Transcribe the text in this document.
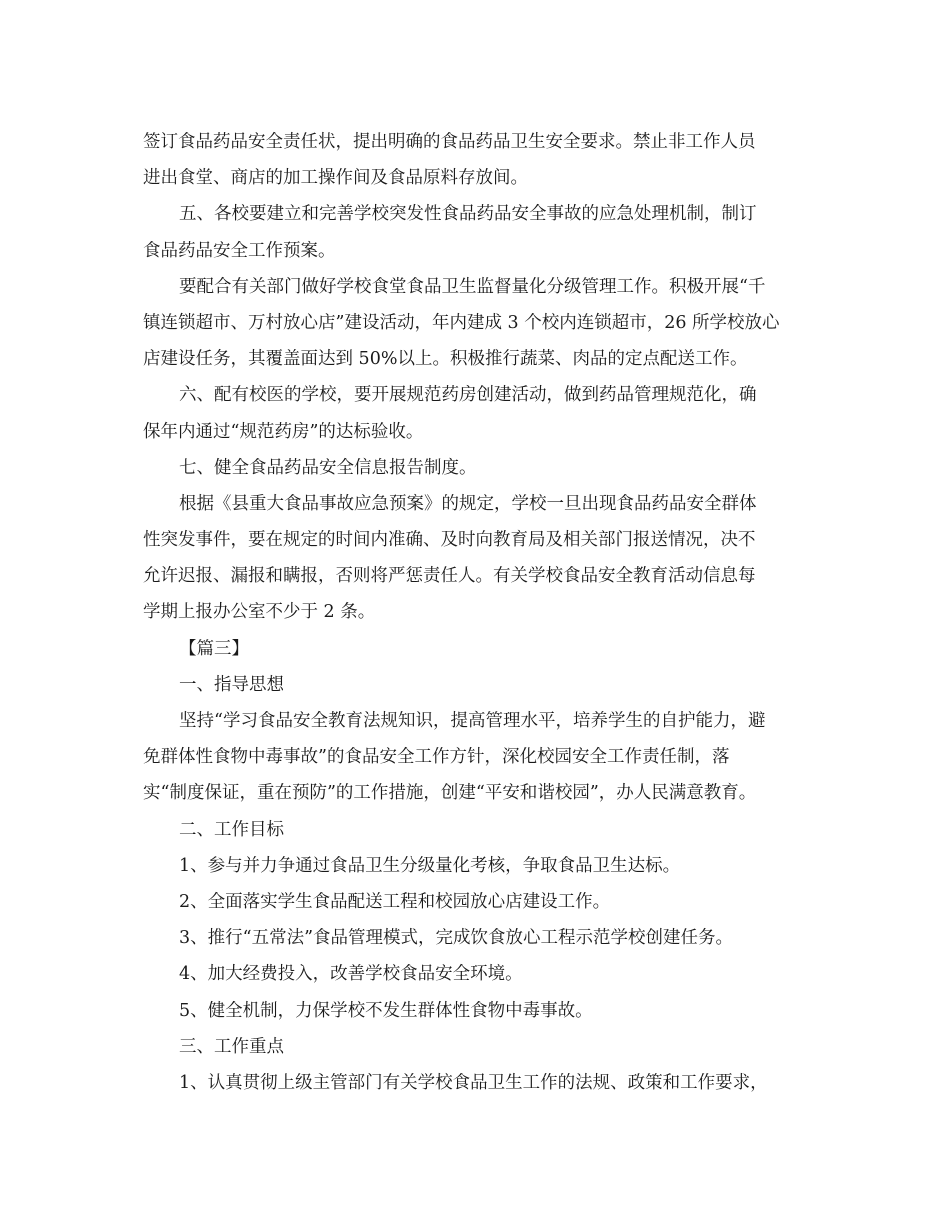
签订食品药品安全责任状，提出明确的食品药品卫生安全要求。禁止非工作人员
进出食堂、商店的加工操作间及食品原料存放间。
五、各校要建立和完善学校突发性食品药品安全事故的应急处理机制，制订
食品药品安全工作预案。
要配合有关部门做好学校食堂食品卫生监督量化分级管理工作。积极开展“千
镇连锁超市、万村放心店”建设活动，年内建成 3 个校内连锁超市，26 所学校放心
店建设任务，其覆盖面达到 50%以上。积极推行蔬菜、肉品的定点配送工作。
六、配有校医的学校，要开展规范药房创建活动，做到药品管理规范化，确
保年内通过“规范药房”的达标验收。
七、健全食品药品安全信息报告制度。
根据《县重大食品事故应急预案》的规定，学校一旦出现食品药品安全群体
性突发事件，要在规定的时间内准确、及时向教育局及相关部门报送情况，决不
允许迟报、漏报和瞒报，否则将严惩责任人。有关学校食品安全教育活动信息每
学期上报办公室不少于 2 条。
【篇三】
一、指导思想
坚持“学习食品安全教育法规知识，提高管理水平，培养学生的自护能力，避
免群体性食物中毒事故”的食品安全工作方针，深化校园安全工作责任制，落
实“制度保证，重在预防”的工作措施，创建“平安和谐校园”，办人民满意教育。
二、工作目标
1、参与并力争通过食品卫生分级量化考核，争取食品卫生达标。
2、全面落实学生食品配送工程和校园放心店建设工作。
3、推行“五常法”食品管理模式，完成饮食放心工程示范学校创建任务。
4、加大经费投入，改善学校食品安全环境。
5、健全机制，力保学校不发生群体性食物中毒事故。
三、工作重点
1、认真贯彻上级主管部门有关学校食品卫生工作的法规、政策和工作要求，
